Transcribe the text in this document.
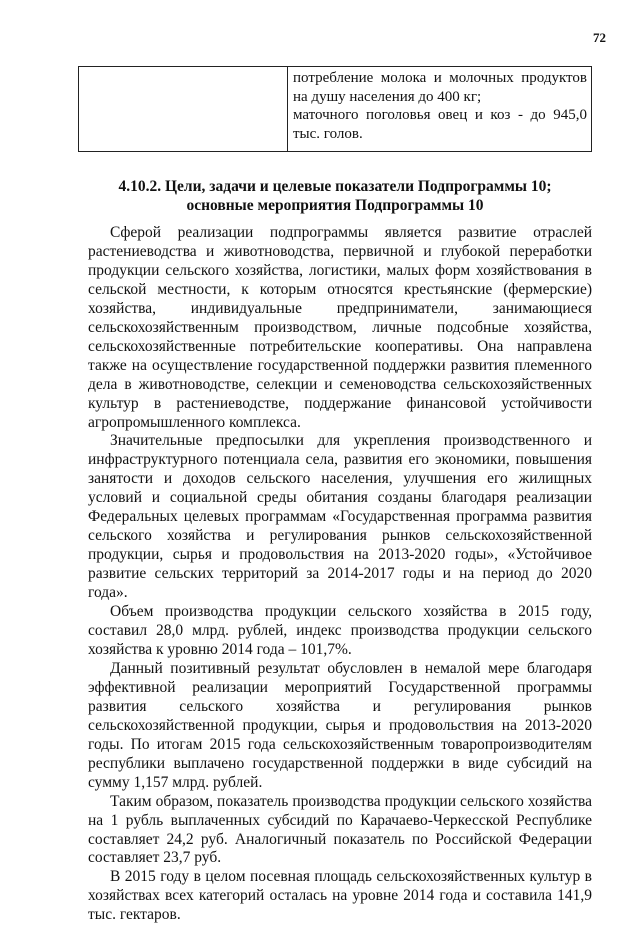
72
потребление молока и молочных продуктов на душу населения до 400 кг;
маточного поголовья овец и коз - до 945,0 тыс. голов.
4.10.2. Цели, задачи и целевые показатели Подпрограммы 10;
основные мероприятия Подпрограммы 10

Сферой реализации подпрограммы является развитие отраслей растениеводства и животноводства, первичной и глубокой переработки продукции сельского хозяйства, логистики, малых форм хозяйствования в сельской местности, к которым относятся крестьянские (фермерские) хозяйства, индивидуальные предприниматели, занимающиеся сельскохозяйственным производством, личные подсобные хозяйства, сельскохозяйственные потребительские кооперативы. Она направлена также на осуществление государственной поддержки развития племенного дела в животноводстве, селекции и семеноводства сельскохозяйственных культур в растениеводстве, поддержание финансовой устойчивости агропромышленного комплекса.

Значительные предпосылки для укрепления производственного и инфраструктурного потенциала села, развития его экономики, повышения занятости и доходов сельского населения, улучшения его жилищных условий и социальной среды обитания созданы благодаря реализации Федеральных целевых программам «Государственная программа развития сельского хозяйства и регулирования рынков сельскохозяйственной продукции, сырья и продовольствия на 2013-2020 годы», «Устойчивое развитие сельских территорий за 2014-2017 годы и на период до 2020 года».

Объем производства продукции сельского хозяйства в 2015 году, составил 28,0 млрд. рублей, индекс производства продукции сельского хозяйства к уровню 2014 года – 101,7%.

Данный позитивный результат обусловлен в немалой мере благодаря эффективной реализации мероприятий Государственной программы развития сельского хозяйства и регулирования рынков сельскохозяйственной продукции, сырья и продовольствия на 2013-2020 годы. По итогам 2015 года сельскохозяйственным товаропроизводителям республики выплачено государственной поддержки в виде субсидий на сумму 1,157 млрд. рублей.

Таким образом, показатель производства продукции сельского хозяйства на 1 рубль выплаченных субсидий по Карачаево-Черкесской Республике составляет 24,2 руб. Аналогичный показатель по Российской Федерации составляет 23,7 руб.

В 2015 году в целом посевная площадь сельскохозяйственных культур в хозяйствах всех категорий осталась на уровне 2014 года и составила 141,9 тыс. гектаров.
